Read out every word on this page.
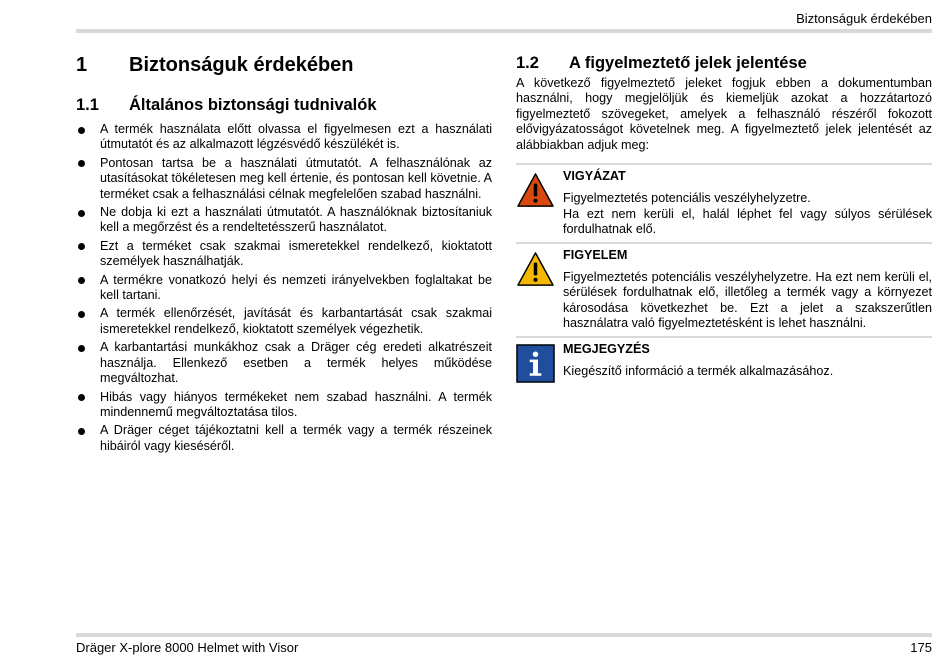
Biztonságuk érdekében
1 Biztonságuk érdekében
1.1 Általános biztonsági tudnivalók
A termék használata előtt olvassa el figyelmesen ezt a használati útmutatót és az alkalmazott légzésvédő készülékét is.
Pontosan tartsa be a használati útmutatót. A felhasználónak az utasításokat tökéletesen meg kell értenie, és pontosan kell követnie. A terméket csak a felhasználási célnak megfelelően szabad használni.
Ne dobja ki ezt a használati útmutatót. A használóknak biztosítaniuk kell a megőrzést és a rendeltetésszerű használatot.
Ezt a terméket csak szakmai ismeretekkel rendelkező, kioktatott személyek használhatják.
A termékre vonatkozó helyi és nemzeti irányelvekben foglaltakat be kell tartani.
A termék ellenőrzését, javítását és karbantartását csak szakmai ismeretekkel rendelkező, kioktatott személyek végezhetik.
A karbantartási munkákhoz csak a Dräger cég eredeti alkatrészeit használja. Ellenkező esetben a termék helyes működése megváltozhat.
Hibás vagy hiányos termékeket nem szabad használni. A termék mindennemű megváltoztatása tilos.
A Dräger céget tájékoztatni kell a termék vagy a termék részeinek hibáiról vagy kieséséről.
1.2 A figyelmeztető jelek jelentése
A következő figyelmeztető jeleket fogjuk ebben a dokumentumban használni, hogy megjelöljük és kiemeljük azokat a hozzátartozó figyelmeztető szövegeket, amelyek a felhasználó részéről fokozott elővigyázatosságot követelnek meg. A figyelmeztető jelek jelentését az alábbiakban adjuk meg:
VIGYÁZAT
Figyelmeztetés potenciális veszélyhelyzetre.
Ha ezt nem kerüli el, halál léphet fel vagy súlyos sérülések fordulhatnak elő.
FIGYELEM
Figyelmeztetés potenciális veszélyhelyzetre. Ha ezt nem kerüli el, sérülések fordulhatnak elő, illetőleg a termék vagy a környezet károsodása következhet be. Ezt a jelet a szakszerűtlen használatra való figyelmeztetésként is lehet használni.
MEGJEGYZÉS
Kiegészítő információ a termék alkalmazásához.
Dräger X-plore 8000 Helmet with Visor	175
